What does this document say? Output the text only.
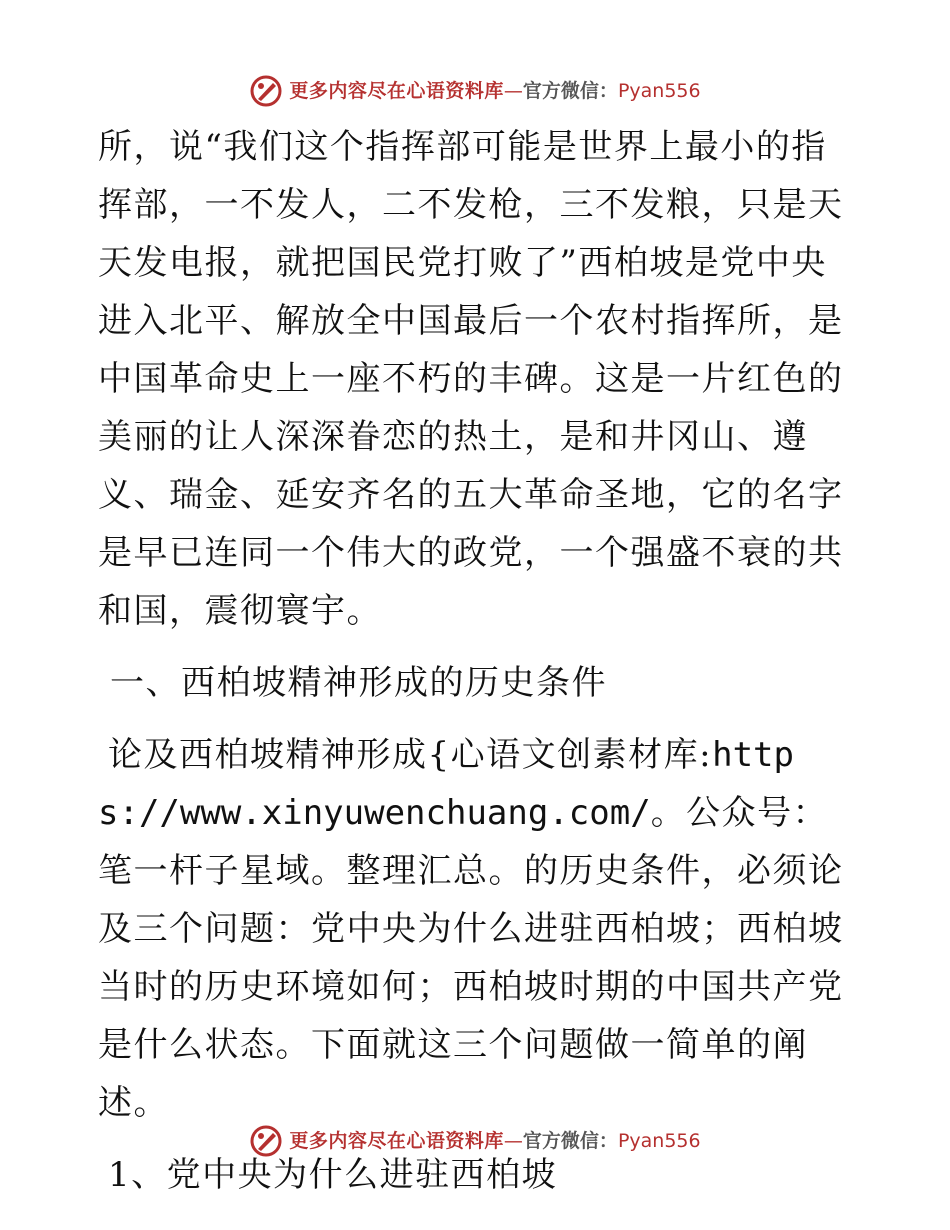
更多内容尽在心语资料库—官方微信：Pyan556

所，说“我们这个指挥部可能是世界上最小的指挥部，一不发人，二不发枪，三不发粮，只是天天发电报，就把国民党打败了”西柏坡是党中央进入北平、解放全中国最后一个农村指挥所，是中国革命史上一座不朽的丰碑。这是一片红色的美丽的让人深深眷恋的热土，是和井冈山、遵义、瑞金、延安齐名的五大革命圣地，它的名字是早已连同一个伟大的政党，一个强盛不衰的共和国，震彻寰宇。

一、西柏坡精神形成的历史条件

论及西柏坡精神形成{心语文创素材库:https://www.xinyuwenchuang.com/。公众号：笔一杆子星域。整理汇总。的历史条件，必须论及三个问题：党中央为什么进驻西柏坡；西柏坡当时的历史环境如何；西柏坡时期的中国共产党是什么状态。下面就这三个问题做一简单的阐述。

1、党中央为什么进驻西柏坡

更多内容尽在心语资料库—官方微信：Pyan556
